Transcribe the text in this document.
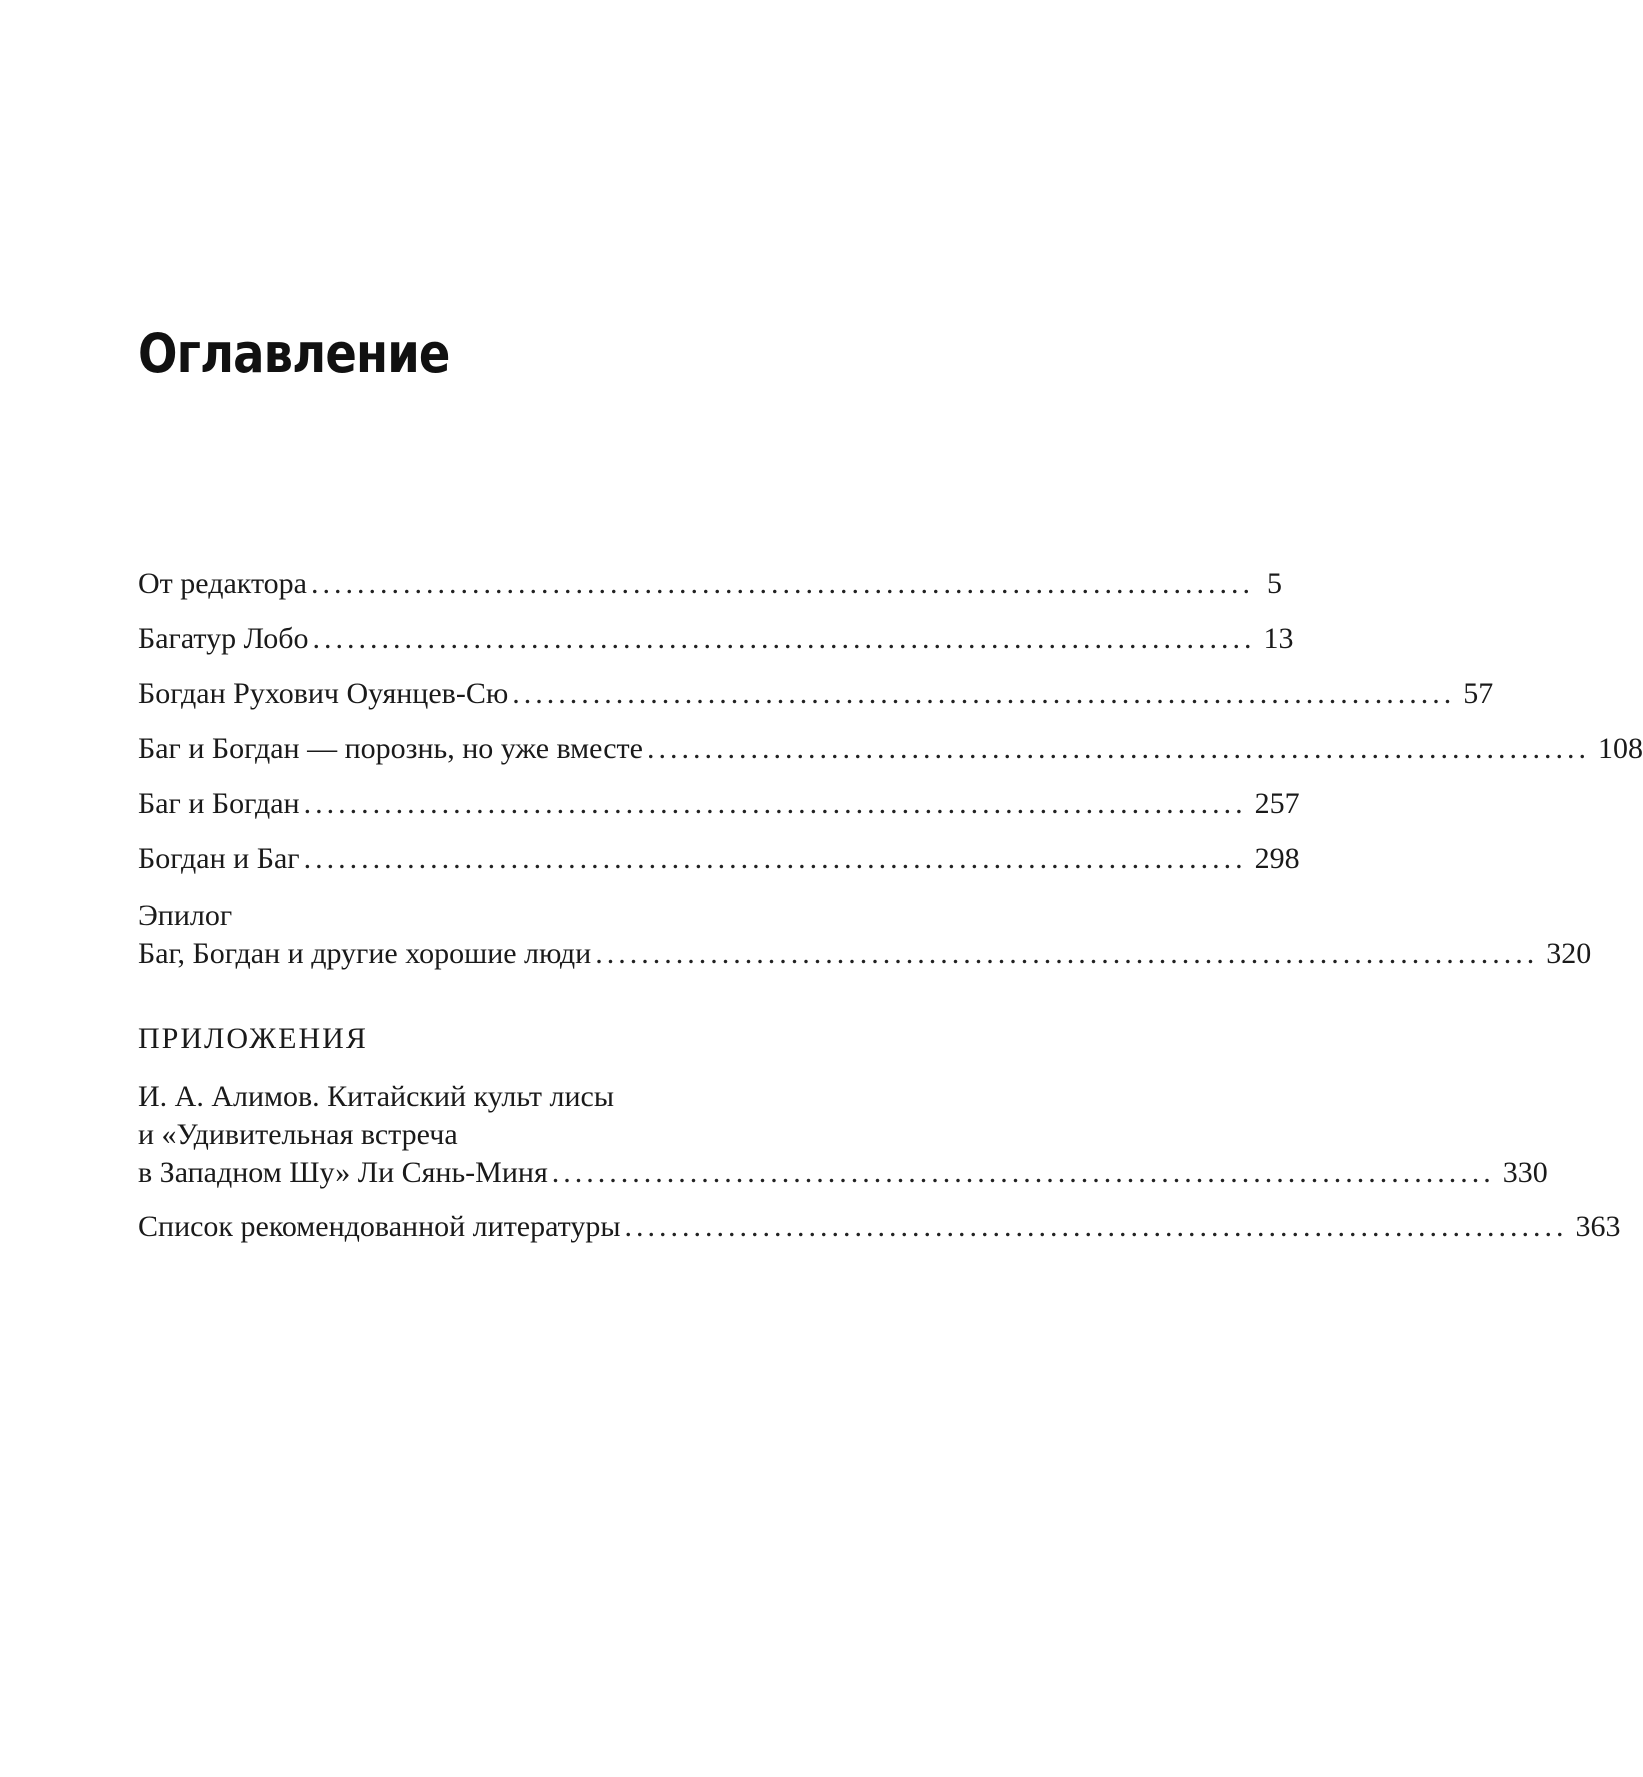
Оглавление
От редактора .................................................................................. 5
Багатур Лобо .................................................................................. 13
Богдан Рухович Оуянцев-Сю .................................................................................. 57
Баг и Богдан — порознь, но уже вместе .................................................................................. 108
Баг и Богдан .................................................................................. 257
Богдан и Баг .................................................................................. 298
Эпилог
Баг, Богдан и другие хорошие люди .................................................................................. 320

ПРИЛОЖЕНИЯ

И. А. Алимов. Китайский культ лисы
и «Удивительная встреча
в Западном Шу» Ли Сянь-Миня .................................................................................. 330
Список рекомендованной литературы .................................................................................. 363
